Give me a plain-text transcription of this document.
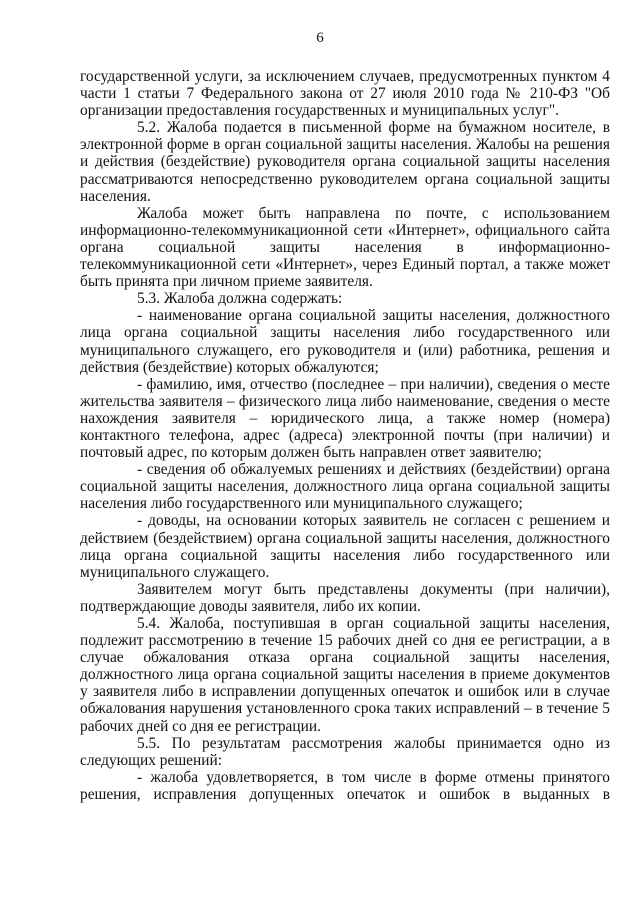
6

государственной услуги, за исключением случаев, предусмотренных пунктом 4 части 1 статьи 7 Федерального закона от 27 июля 2010 года № 210-ФЗ "Об организации предоставления государственных и муниципальных услуг".

5.2. Жалоба подается в письменной форме на бумажном носителе, в электронной форме в орган социальной защиты населения. Жалобы на решения и действия (бездействие) руководителя органа социальной защиты населения рассматриваются непосредственно руководителем органа социальной защиты населения.

Жалоба может быть направлена по почте, с использованием информационно-телекоммуникационной сети «Интернет», официального сайта органа социальной защиты населения в информационно-телекоммуникационной сети «Интернет», через Единый портал, а также может быть принята при личном приеме заявителя.

5.3. Жалоба должна содержать:

- наименование органа социальной защиты населения, должностного лица органа социальной защиты населения либо государственного или муниципального служащего, его руководителя и (или) работника, решения и действия (бездействие) которых обжалуются;

- фамилию, имя, отчество (последнее – при наличии), сведения о месте жительства заявителя – физического лица либо наименование, сведения о месте нахождения заявителя – юридического лица, а также номер (номера) контактного телефона, адрес (адреса) электронной почты (при наличии) и почтовый адрес, по которым должен быть направлен ответ заявителю;

- сведения об обжалуемых решениях и действиях (бездействии) органа социальной защиты населения, должностного лица органа социальной защиты населения либо государственного или муниципального служащего;

- доводы, на основании которых заявитель не согласен с решением и действием (бездействием) органа социальной защиты населения, должностного лица органа социальной защиты населения либо государственного или муниципального служащего.

Заявителем могут быть представлены документы (при наличии), подтверждающие доводы заявителя, либо их копии.

5.4. Жалоба, поступившая в орган социальной защиты населения, подлежит рассмотрению в течение 15 рабочих дней со дня ее регистрации, а в случае обжалования отказа органа социальной защиты населения, должностного лица органа социальной защиты населения в приеме документов у заявителя либо в исправлении допущенных опечаток и ошибок или в случае обжалования нарушения установленного срока таких исправлений – в течение 5 рабочих дней со дня ее регистрации.

5.5. По результатам рассмотрения жалобы принимается одно из следующих решений:

- жалоба удовлетворяется, в том числе в форме отмены принятого решения, исправления допущенных опечаток и ошибок в выданных в
